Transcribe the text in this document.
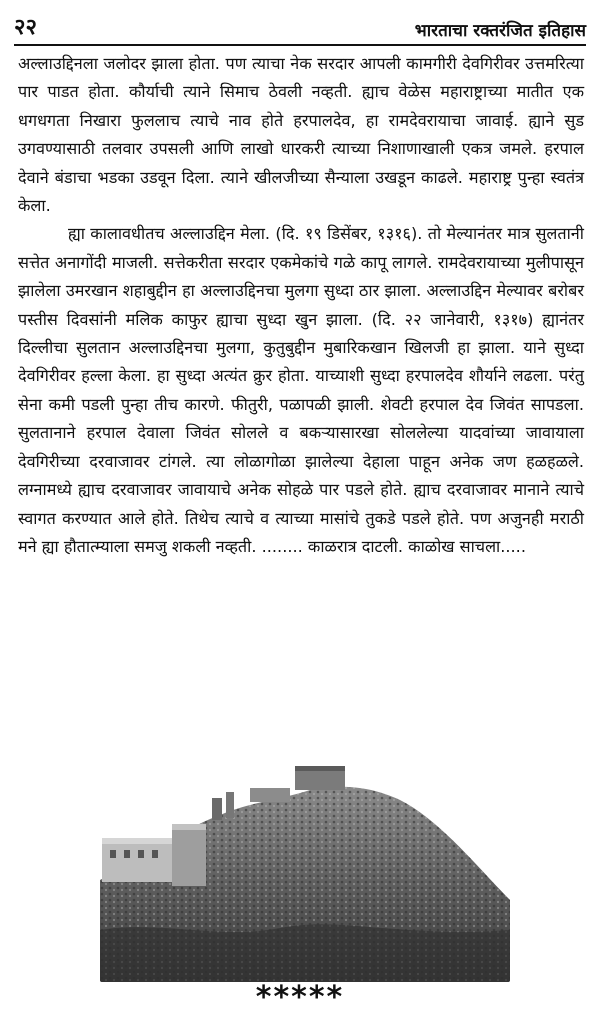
२२	भारताचा रक्तरंजित इतिहास

अल्लाउद्दिनला जलोदर झाला होता. पण त्याचा नेक सरदार आपली कामगीरी देवगिरीवर उत्तमरित्या पार पाडत होता. कौर्याची त्याने सिमाच ठेवली नव्हती. ह्याच वेळेस महाराष्ट्राच्या मातीत एक धगधगता निखारा फुललाच त्याचे नाव होते हरपालदेव, हा रामदेवरायाचा जावाई. ह्याने सुड उगवण्यासाठी तलवार उपसली आणि लाखो धारकरी त्याच्या निशाणाखाली एकत्र जमले. हरपाल देवाने बंडाचा भडका उडवून दिला. त्याने खीलजीच्या सैन्याला उखडून काढले. महाराष्ट्र पुन्हा स्वतंत्र केला.

ह्या कालावधीतच अल्लाउद्दिन मेला. (दि. १९ डिसेंबर, १३१६). तो मेल्यानंतर मात्र सुलतानी सत्तेत अनागोंदी माजली. सत्तेकरीता सरदार एकमेकांचे गळे कापू लागले. रामदेवरायाच्या मुलीपासून झालेला उमरखान शहाबुद्दीन हा अल्लाउद्दिनचा मुलगा सुध्दा ठार झाला. अल्लाउद्दिन मेल्यावर बरोबर पस्तीस दिवसांनी मलिक काफुर ह्याचा सुध्दा खुन झाला. (दि. २२ जानेवारी, १३१७) ह्यानंतर दिल्लीचा सुलतान अल्लाउद्दिनचा मुलगा, कुतुबुद्दीन मुबारिकखान खिलजी हा झाला. याने सुध्दा देवगिरीवर हल्ला केला. हा सुध्दा अत्यंत क्रुर होता. याच्याशी सुध्दा हरपालदेव शौर्याने लढला. परंतु सेना कमी पडली पुन्हा तीच कारणे. फीतुरी, पळापळी झाली. शेवटी हरपाल देव जिवंत सापडला. सुलतानाने हरपाल देवाला जिवंत सोलले व बकऱ्यासारखा सोललेल्या यादवांच्या जावायाला देवगिरीच्या दरवाजावर टांगले. त्या लोळागोळा झालेल्या देहाला पाहून अनेक जण हळहळले. लग्नामध्ये ह्याच दरवाजावर जावायाचे अनेक सोहळे पार पडले होते. ह्याच दरवाजावर मानाने त्याचे स्वागत करण्यात आले होते. तिथेच त्याचे व त्याच्या मासांचे तुकडे पडले होते. पण अजुनही मराठी मने ह्या हौतात्म्याला समजु शकली नव्हती. ........ काळरात्र दाटली. काळोख साचला.....

*****
